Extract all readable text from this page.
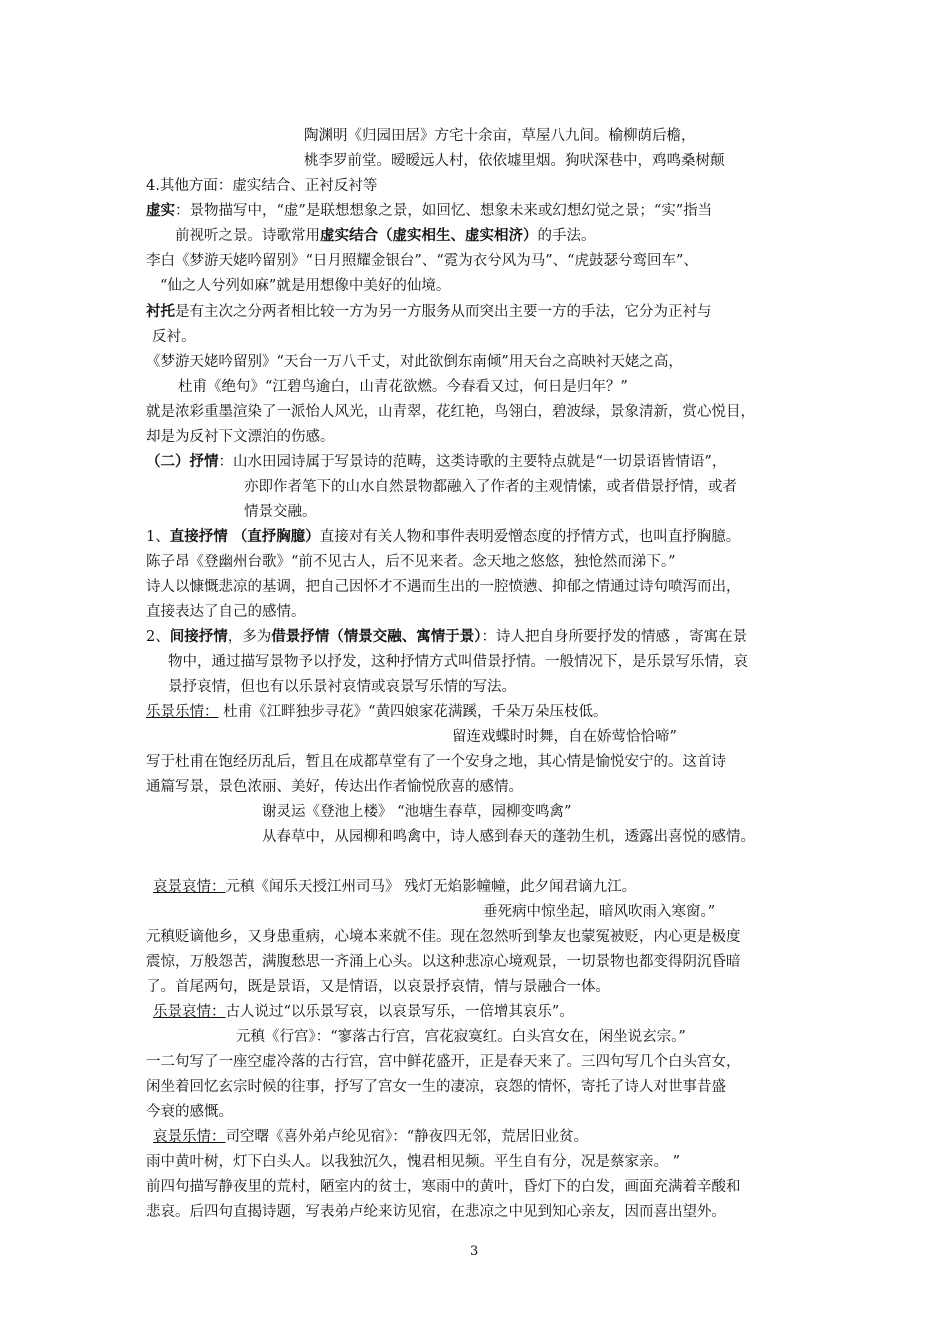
陶渊明《归园田居》方宅十余亩，草屋八九间。榆柳荫后檐，
桃李罗前堂。暧暧远人村，依依墟里烟。狗吠深巷中，鸡鸣桑树颠
4.其他方面：虚实结合、正衬反衬等
虚实：景物描写中，“虚”是联想想象之景，如回忆、想象未来或幻想幻觉之景；“实”指当
前视听之景。诗歌常用虚实结合（虚实相生、虚实相济）的手法。
李白《梦游天姥吟留别》“日月照耀金银台”、“霓为衣兮风为马”、“虎鼓瑟兮鸾回车”、
“仙之人兮列如麻”就是用想像中美好的仙境。
衬托是有主次之分两者相比较一方为另一方服务从而突出主要一方的手法，它分为正衬与
反衬。
《梦游天姥吟留别》“天台一万八千丈，对此欲倒东南倾”用天台之高映衬天姥之高，
杜甫《绝句》“江碧鸟逾白，山青花欲燃。今春看又过，何日是归年？”
就是浓彩重墨渲染了一派怡人风光，山青翠，花红艳，鸟翎白，碧波绿，景象清新，赏心悦目，
却是为反衬下文漂泊的伤感。
（二）抒情：山水田园诗属于写景诗的范畴，这类诗歌的主要特点就是“一切景语皆情语”，
亦即作者笔下的山水自然景物都融入了作者的主观情愫，或者借景抒情，或者
情景交融。
1、直接抒情 （直抒胸臆）直接对有关人物和事件表明爱憎态度的抒情方式，也叫直抒胸臆。
陈子昂《登幽州台歌》“前不见古人，后不见来者。念天地之悠悠，独怆然而涕下。”
诗人以慷慨悲凉的基调，把自己因怀才不遇而生出的一腔愤懑、抑郁之情通过诗句喷泻而出，
直接表达了自己的感情。
2、间接抒情，多为借景抒情（情景交融、寓情于景）：诗人把自身所要抒发的情感 ，寄寓在景
物中，通过描写景物予以抒发，这种抒情方式叫借景抒情。一般情况下，是乐景写乐情，哀
景抒哀情，但也有以乐景衬哀情或哀景写乐情的写法。
乐景乐情： 杜甫《江畔独步寻花》“黄四娘家花满蹊，千朵万朵压枝低。
留连戏蝶时时舞，自在娇莺恰恰啼”
写于杜甫在饱经历乱后，暂且在成都草堂有了一个安身之地，其心情是愉悦安宁的。这首诗
通篇写景，景色浓丽、美好，传达出作者愉悦欣喜的感情。
谢灵运《登池上楼》 “池塘生春草，园柳变鸣禽”
从春草中，从园柳和鸣禽中，诗人感到春天的蓬勃生机，透露出喜悦的感情。
哀景哀情：元稹《闻乐天授江州司马》 残灯无焰影幢幢，此夕闻君谪九江。
垂死病中惊坐起，暗风吹雨入寒窗。”
元稹贬谪他乡，又身患重病，心境本来就不佳。现在忽然听到挚友也蒙冤被贬，内心更是极度
震惊，万般怨苦，满腹愁思一齐涌上心头。以这种悲凉心境观景，一切景物也都变得阴沉昏暗
了。首尾两句，既是景语，又是情语，以哀景抒哀情，情与景融合一体。
乐景哀情：古人说过“以乐景写哀，以哀景写乐，一倍增其哀乐”。
元稹《行宫》：“寥落古行宫，宫花寂寞红。白头宫女在，闲坐说玄宗。”
一二句写了一座空虚冷落的古行宫，宫中鲜花盛开，正是春天来了。三四句写几个白头宫女，
闲坐着回忆玄宗时候的往事，抒写了宫女一生的凄凉，哀怨的情怀，寄托了诗人对世事昔盛
今衰的感慨。
哀景乐情：司空曙《喜外弟卢纶见宿》：“静夜四无邻，荒居旧业贫。
雨中黄叶树，灯下白头人。以我独沉久，愧君相见频。平生自有分，况是蔡家亲。 ”
前四句描写静夜里的荒村，陋室内的贫士，寒雨中的黄叶，昏灯下的白发，画面充满着辛酸和
悲哀。后四句直揭诗题，写表弟卢纶来访见宿，在悲凉之中见到知心亲友，因而喜出望外。
3
